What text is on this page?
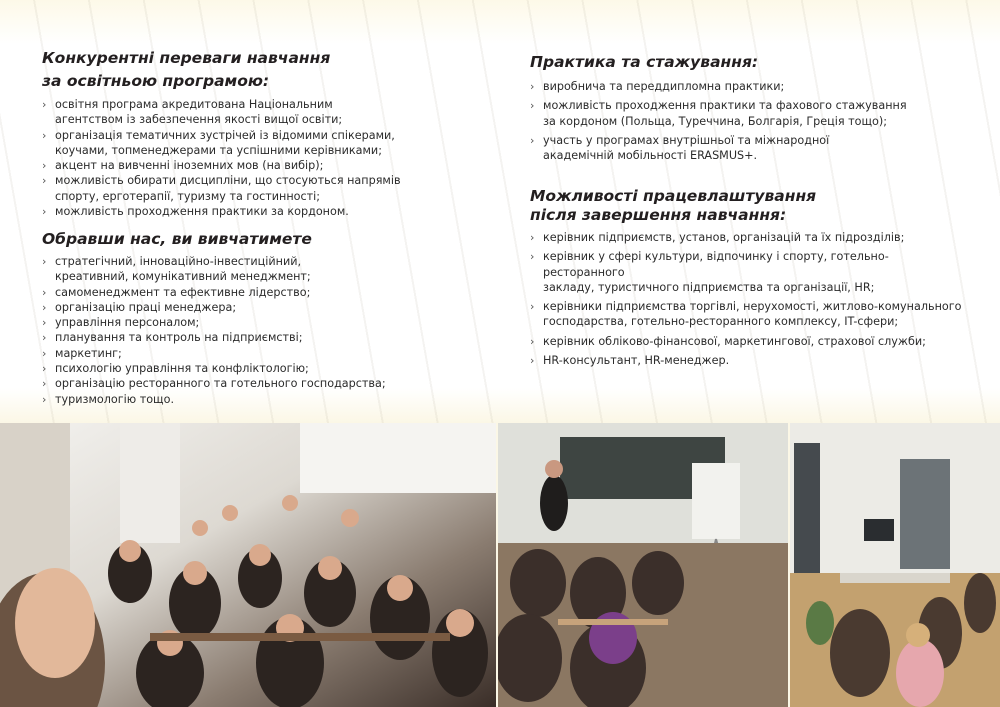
Конкурентні переваги навчання
за освітньою програмою:
› освітня програма акредитована Національним
агентством із забезпечення якості вищої освіти;
› організація тематичних зустрічей із відомими спікерами,
коучами, топменеджерами та успішними керівниками;
› акцент на вивченні іноземних мов (на вибір);
› можливість обирати дисципліни, що стосуються напрямів
спорту, ерготерапії, туризму та гостинності;
› можливість проходження практики за кордоном.
Обравши нас, ви вивчатимете
› стратегічний, інноваційно-інвестиційний,
креативний, комунікативний менеджмент;
› самоменеджмент та ефективне лідерство;
› організацію праці менеджера;
› управління персоналом;
› планування та контроль на підприємстві;
› маркетинг;
› психологію управління та конфліктологію;
› організацію ресторанного та готельного господарства;
› туризмологію тощо.
Практика та стажування:
› виробнича та переддипломна практики;
› можливість проходження практики та фахового стажування
за кордоном (Польща, Туреччина, Болгарія, Греція тощо);
› участь у програмах внутрішньої та міжнародної
академічній мобільності ERASMUS+.
Можливості працевлаштування
після завершення навчання:
› керівник підприємств, установ, організацій та їх підрозділів;
› керівник у сфері культури, відпочинку і спорту, готельно-ресторанного
закладу, туристичного підприємства та організації, HR;
› керівники підприємства торгівлі, нерухомості, житлово-комунального
господарства, готельно-ресторанного комплексу, IT-сфери;
› керівник обліково-фінансової, маркетингової, страхової служби;
› HR-консультант, HR-менеджер.
